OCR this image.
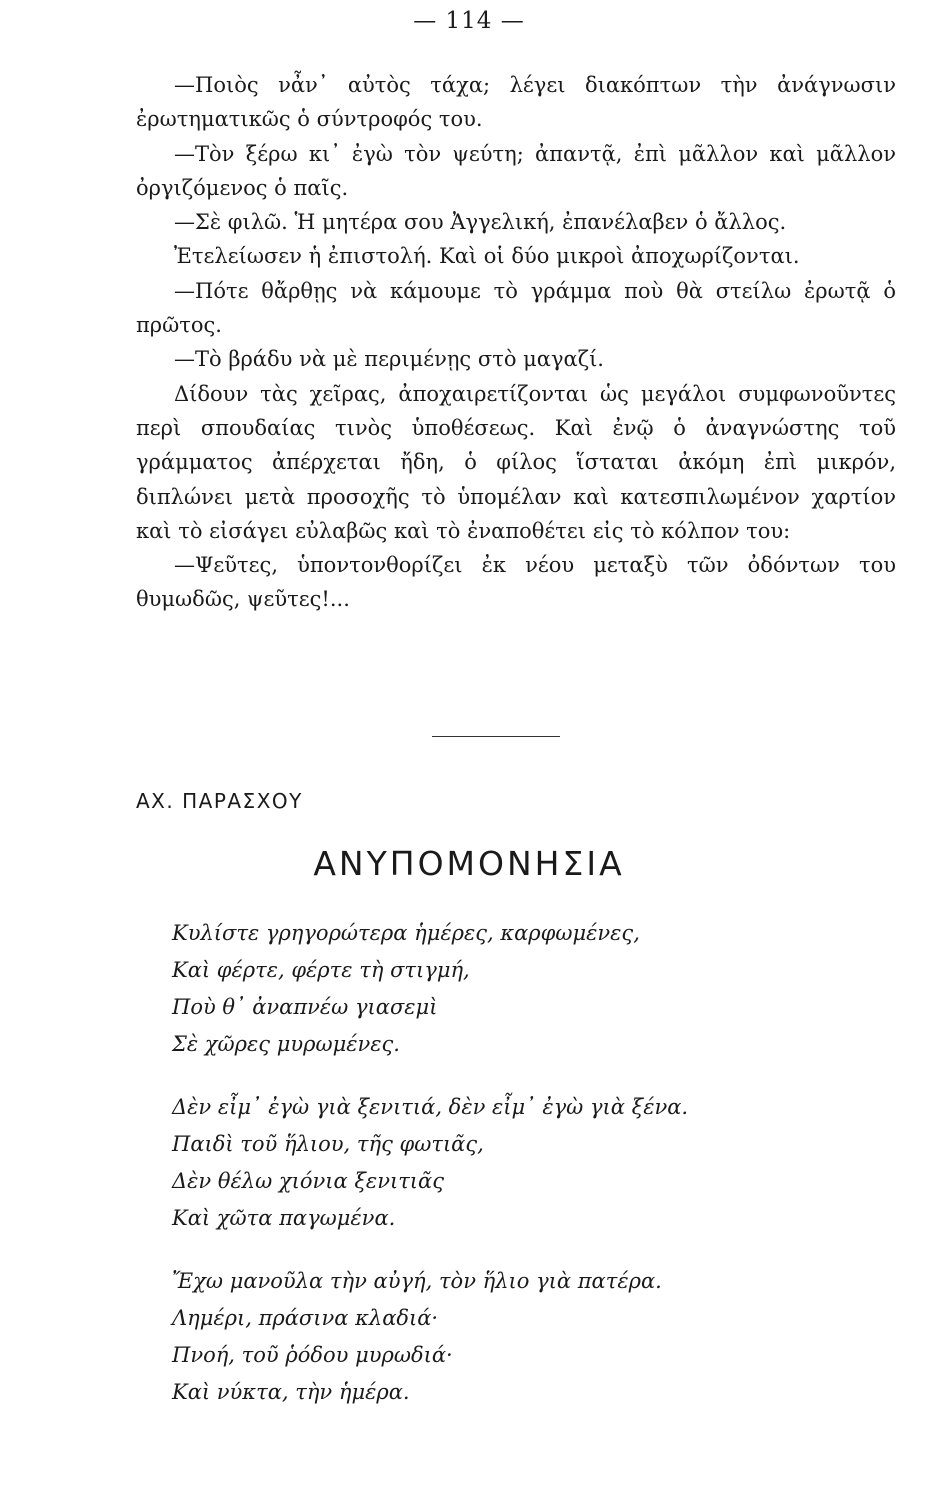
— 114 —

—Ποιὸς νἆν᾽ αὐτὸς τάχα; λέγει διακόπτων τὴν ἀνάγνωσιν ἐρωτηματικῶς ὁ σύντροφός του.

—Τὸν ξέρω κι᾽ ἐγὼ τὸν ψεύτη; ἀπαντᾷ, ἐπὶ μᾶλλον καὶ μᾶλλον ὀργιζόμενος ὁ παῖς.

—Σὲ φιλῶ. Ἡ μητέρα σου Ἀγγελική, ἐπανέλαβεν ὁ ἄλλος.

Ἐτελείωσεν ἡ ἐπιστολή. Καὶ οἱ δύο μικροὶ ἀποχωρίζονται.

—Πότε θἄρθῃς νὰ κάμουμε τὸ γράμμα ποὺ θὰ στείλω ἐρωτᾷ ὁ πρῶτος.

—Τὸ βράδυ νὰ μὲ περιμένῃς στὸ μαγαζί.

Δίδουν τὰς χεῖρας, ἀποχαιρετίζονται ὡς μεγάλοι συμφωνοῦντες περὶ σπουδαίας τινὸς ὑποθέσεως. Καὶ ἐνῷ ὁ ἀναγνώστης τοῦ γράμματος ἀπέρχεται ἤδη, ὁ φίλος ἵσταται ἀκόμη ἐπὶ μικρόν, διπλώνει μετὰ προσοχῆς τὸ ὑπομέλαν καὶ κατεσπιλωμένον χαρτίον καὶ τὸ εἰσάγει εὐλαβῶς καὶ τὸ ἐναποθέτει εἰς τὸ κόλπον του:

—Ψεῦτες, ὑποντονθορίζει ἐκ νέου μεταξὺ τῶν ὀδόντων του θυμωδῶς, ψεῦτες!...

ΑΧ. ΠΑΡΑΣΧΟΥ
ΑΝΥΠΟΜΟΝΗΣΙΑ
Κυλίστε γρηγορώτερα ἡμέρες, καρφωμένες,
Καὶ φέρτε, φέρτε τὴ στιγμή,
Ποὺ θ᾽ ἀναπνέω γιασεμὶ
Σὲ χῶρες μυρωμένες.
Δὲν εἶμ᾽ ἐγὼ γιὰ ξενιτιά, δὲν εἶμ᾽ ἐγὼ γιὰ ξένα.
Παιδὶ τοῦ ἥλιου, τῆς φωτιᾶς,
Δὲν θέλω χιόνια ξενιτιᾶς
Καὶ χῶτα παγωμένα.
Ἔχω μανοῦλα τὴν αὐγή, τὸν ἥλιο γιὰ πατέρα.
Λημέρι, πράσινα κλαδιά·
Πνοή, τοῦ ῥόδου μυρωδιά·
Καὶ νύκτα, τὴν ἡμέρα.
